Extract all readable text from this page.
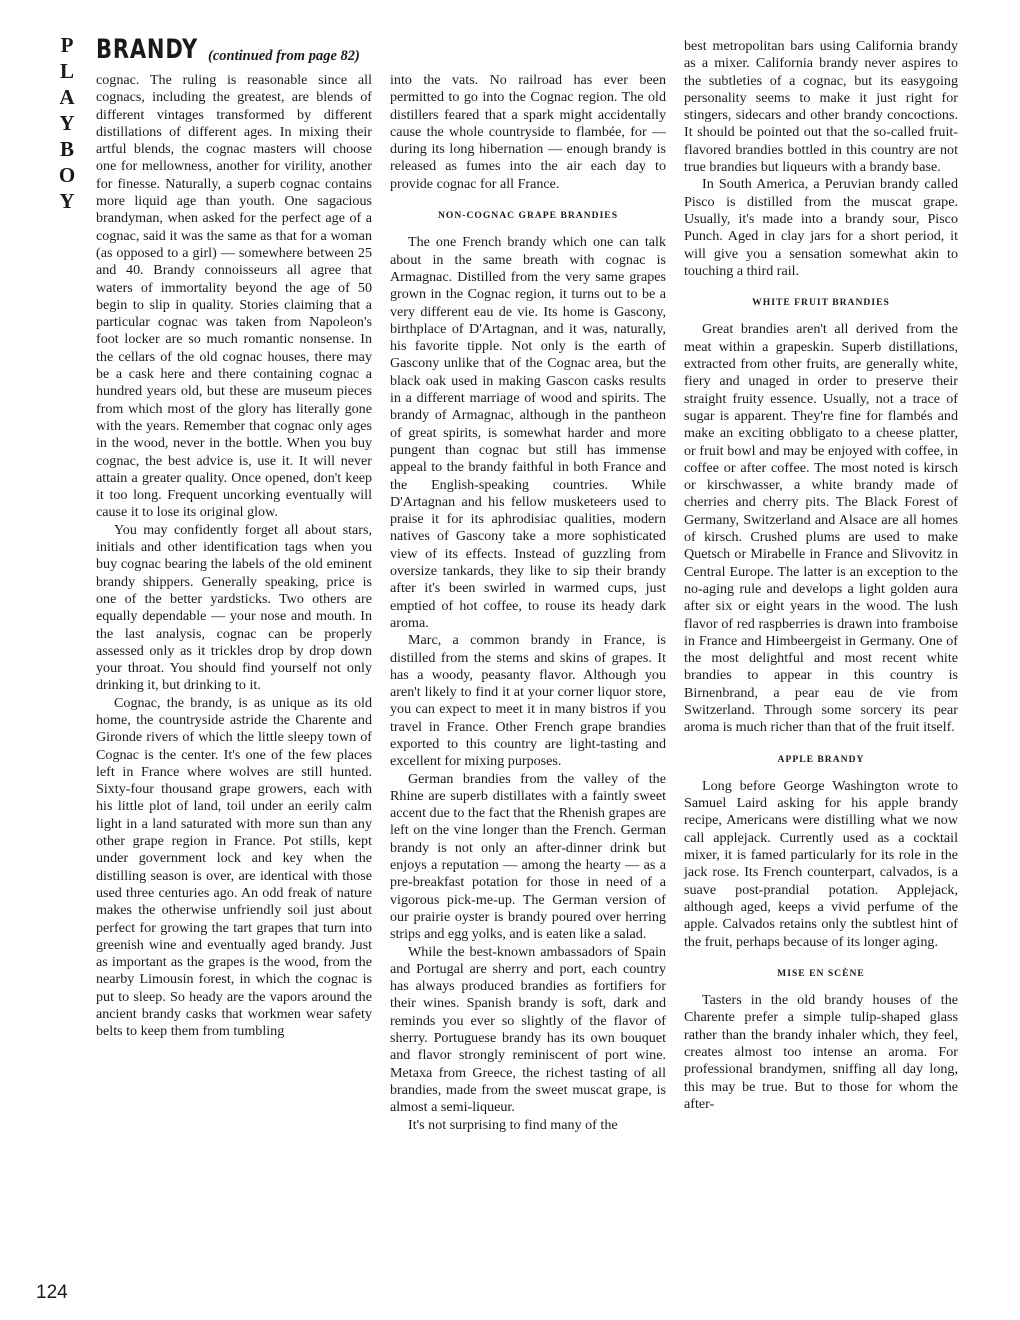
P
L
A
Y
B
O
Y
BRANDY (continued from page 82)

cognac. The ruling is reasonable since all cognacs, including the greatest, are blends of different vintages transformed by different distillations of different ages. In mixing their artful blends, the cognac masters will choose one for mellowness, another for virility, another for finesse. Naturally, a superb cognac contains more liquid age than youth. One sagacious brandyman, when asked for the perfect age of a cognac, said it was the same as that for a woman (as opposed to a girl) — somewhere between 25 and 40. Brandy connoisseurs all agree that waters of immortality beyond the age of 50 begin to slip in quality. Stories claiming that a particular cognac was taken from Napoleon's foot locker are so much romantic nonsense. In the cellars of the old cognac houses, there may be a cask here and there containing cognac a hundred years old, but these are museum pieces from which most of the glory has literally gone with the years. Remember that cognac only ages in the wood, never in the bottle. When you buy cognac, the best advice is, use it. It will never attain a greater quality. Once opened, don't keep it too long. Frequent uncorking eventually will cause it to lose its original glow.

You may confidently forget all about stars, initials and other identification tags when you buy cognac bearing the labels of the old eminent brandy shippers. Generally speaking, price is one of the better yardsticks. Two others are equally dependable — your nose and mouth. In the last analysis, cognac can be properly assessed only as it trickles drop by drop down your throat. You should find yourself not only drinking it, but drinking to it.

Cognac, the brandy, is as unique as its old home, the countryside astride the Charente and Gironde rivers of which the little sleepy town of Cognac is the center. It's one of the few places left in France where wolves are still hunted. Sixty-four thousand grape growers, each with his little plot of land, toil under an eerily calm light in a land saturated with more sun than any other grape region in France. Pot stills, kept under government lock and key when the distilling season is over, are identical with those used three centuries ago. An odd freak of nature makes the otherwise unfriendly soil just about perfect for growing the tart grapes that turn into greenish wine and eventually aged brandy. Just as important as the grapes is the wood, from the nearby Limousin forest, in which the cognac is put to sleep. So heady are the vapors around the ancient brandy casks that workmen wear safety belts to keep them from tumbling

into the vats. No railroad has ever been permitted to go into the Cognac region. The old distillers feared that a spark might accidentally cause the whole countryside to flambée, for — during its long hibernation — enough brandy is released as fumes into the air each day to provide cognac for all France.

NON-COGNAC GRAPE BRANDIES

The one French brandy which one can talk about in the same breath with cognac is Armagnac. Distilled from the very same grapes grown in the Cognac region, it turns out to be a very different eau de vie. Its home is Gascony, birthplace of D'Artagnan, and it was, naturally, his favorite tipple. Not only is the earth of Gascony unlike that of the Cognac area, but the black oak used in making Gascon casks results in a different marriage of wood and spirits. The brandy of Armagnac, although in the pantheon of great spirits, is somewhat harder and more pungent than cognac but still has immense appeal to the brandy faithful in both France and the English-speaking countries. While D'Artagnan and his fellow musketeers used to praise it for its aphrodisiac qualities, modern natives of Gascony take a more sophisticated view of its effects. Instead of guzzling from oversize tankards, they like to sip their brandy after it's been swirled in warmed cups, just emptied of hot coffee, to rouse its heady dark aroma.

Marc, a common brandy in France, is distilled from the stems and skins of grapes. It has a woody, peasanty flavor. Although you aren't likely to find it at your corner liquor store, you can expect to meet it in many bistros if you travel in France. Other French grape brandies exported to this country are light-tasting and excellent for mixing purposes.

German brandies from the valley of the Rhine are superb distillates with a faintly sweet accent due to the fact that the Rhenish grapes are left on the vine longer than the French. German brandy is not only an after-dinner drink but enjoys a reputation — among the hearty — as a pre-breakfast potation for those in need of a vigorous pick-me-up. The German version of our prairie oyster is brandy poured over herring strips and egg yolks, and is eaten like a salad.

While the best-known ambassadors of Spain and Portugal are sherry and port, each country has always produced brandies as fortifiers for their wines. Spanish brandy is soft, dark and reminds you ever so slightly of the flavor of sherry. Portuguese brandy has its own bouquet and flavor strongly reminiscent of port wine. Metaxa from Greece, the richest tasting of all brandies, made from the sweet muscat grape, is almost a semi-liqueur.

It's not surprising to find many of the

best metropolitan bars using California brandy as a mixer. California brandy never aspires to the subtleties of a cognac, but its easygoing personality seems to make it just right for stingers, sidecars and other brandy concoctions. It should be pointed out that the so-called fruit-flavored brandies bottled in this country are not true brandies but liqueurs with a brandy base.

In South America, a Peruvian brandy called Pisco is distilled from the muscat grape. Usually, it's made into a brandy sour, Pisco Punch. Aged in clay jars for a short period, it will give you a sensation somewhat akin to touching a third rail.

WHITE FRUIT BRANDIES

Great brandies aren't all derived from the meat within a grapeskin. Superb distillations, extracted from other fruits, are generally white, fiery and unaged in order to preserve their straight fruity essence. Usually, not a trace of sugar is apparent. They're fine for flambés and make an exciting obbligato to a cheese platter, or fruit bowl and may be enjoyed with coffee, in coffee or after coffee. The most noted is kirsch or kirschwasser, a white brandy made of cherries and cherry pits. The Black Forest of Germany, Switzerland and Alsace are all homes of kirsch. Crushed plums are used to make Quetsch or Mirabelle in France and Slivovitz in Central Europe. The latter is an exception to the no-aging rule and develops a light golden aura after six or eight years in the wood. The lush flavor of red raspberries is drawn into framboise in France and Himbeergeist in Germany. One of the most delightful and most recent white brandies to appear in this country is Birnenbrand, a pear eau de vie from Switzerland. Through some sorcery its pear aroma is much richer than that of the fruit itself.

APPLE BRANDY

Long before George Washington wrote to Samuel Laird asking for his apple brandy recipe, Americans were distilling what we now call applejack. Currently used as a cocktail mixer, it is famed particularly for its role in the jack rose. Its French counterpart, calvados, is a suave post-prandial potation. Applejack, although aged, keeps a vivid perfume of the apple. Calvados retains only the subtlest hint of the fruit, perhaps because of its longer aging.

MISE EN SCÈNE

Tasters in the old brandy houses of the Charente prefer a simple tulip-shaped glass rather than the brandy inhaler which, they feel, creates almost too intense an aroma. For professional brandymen, sniffing all day long, this may be true. But to those for whom the after-

124
